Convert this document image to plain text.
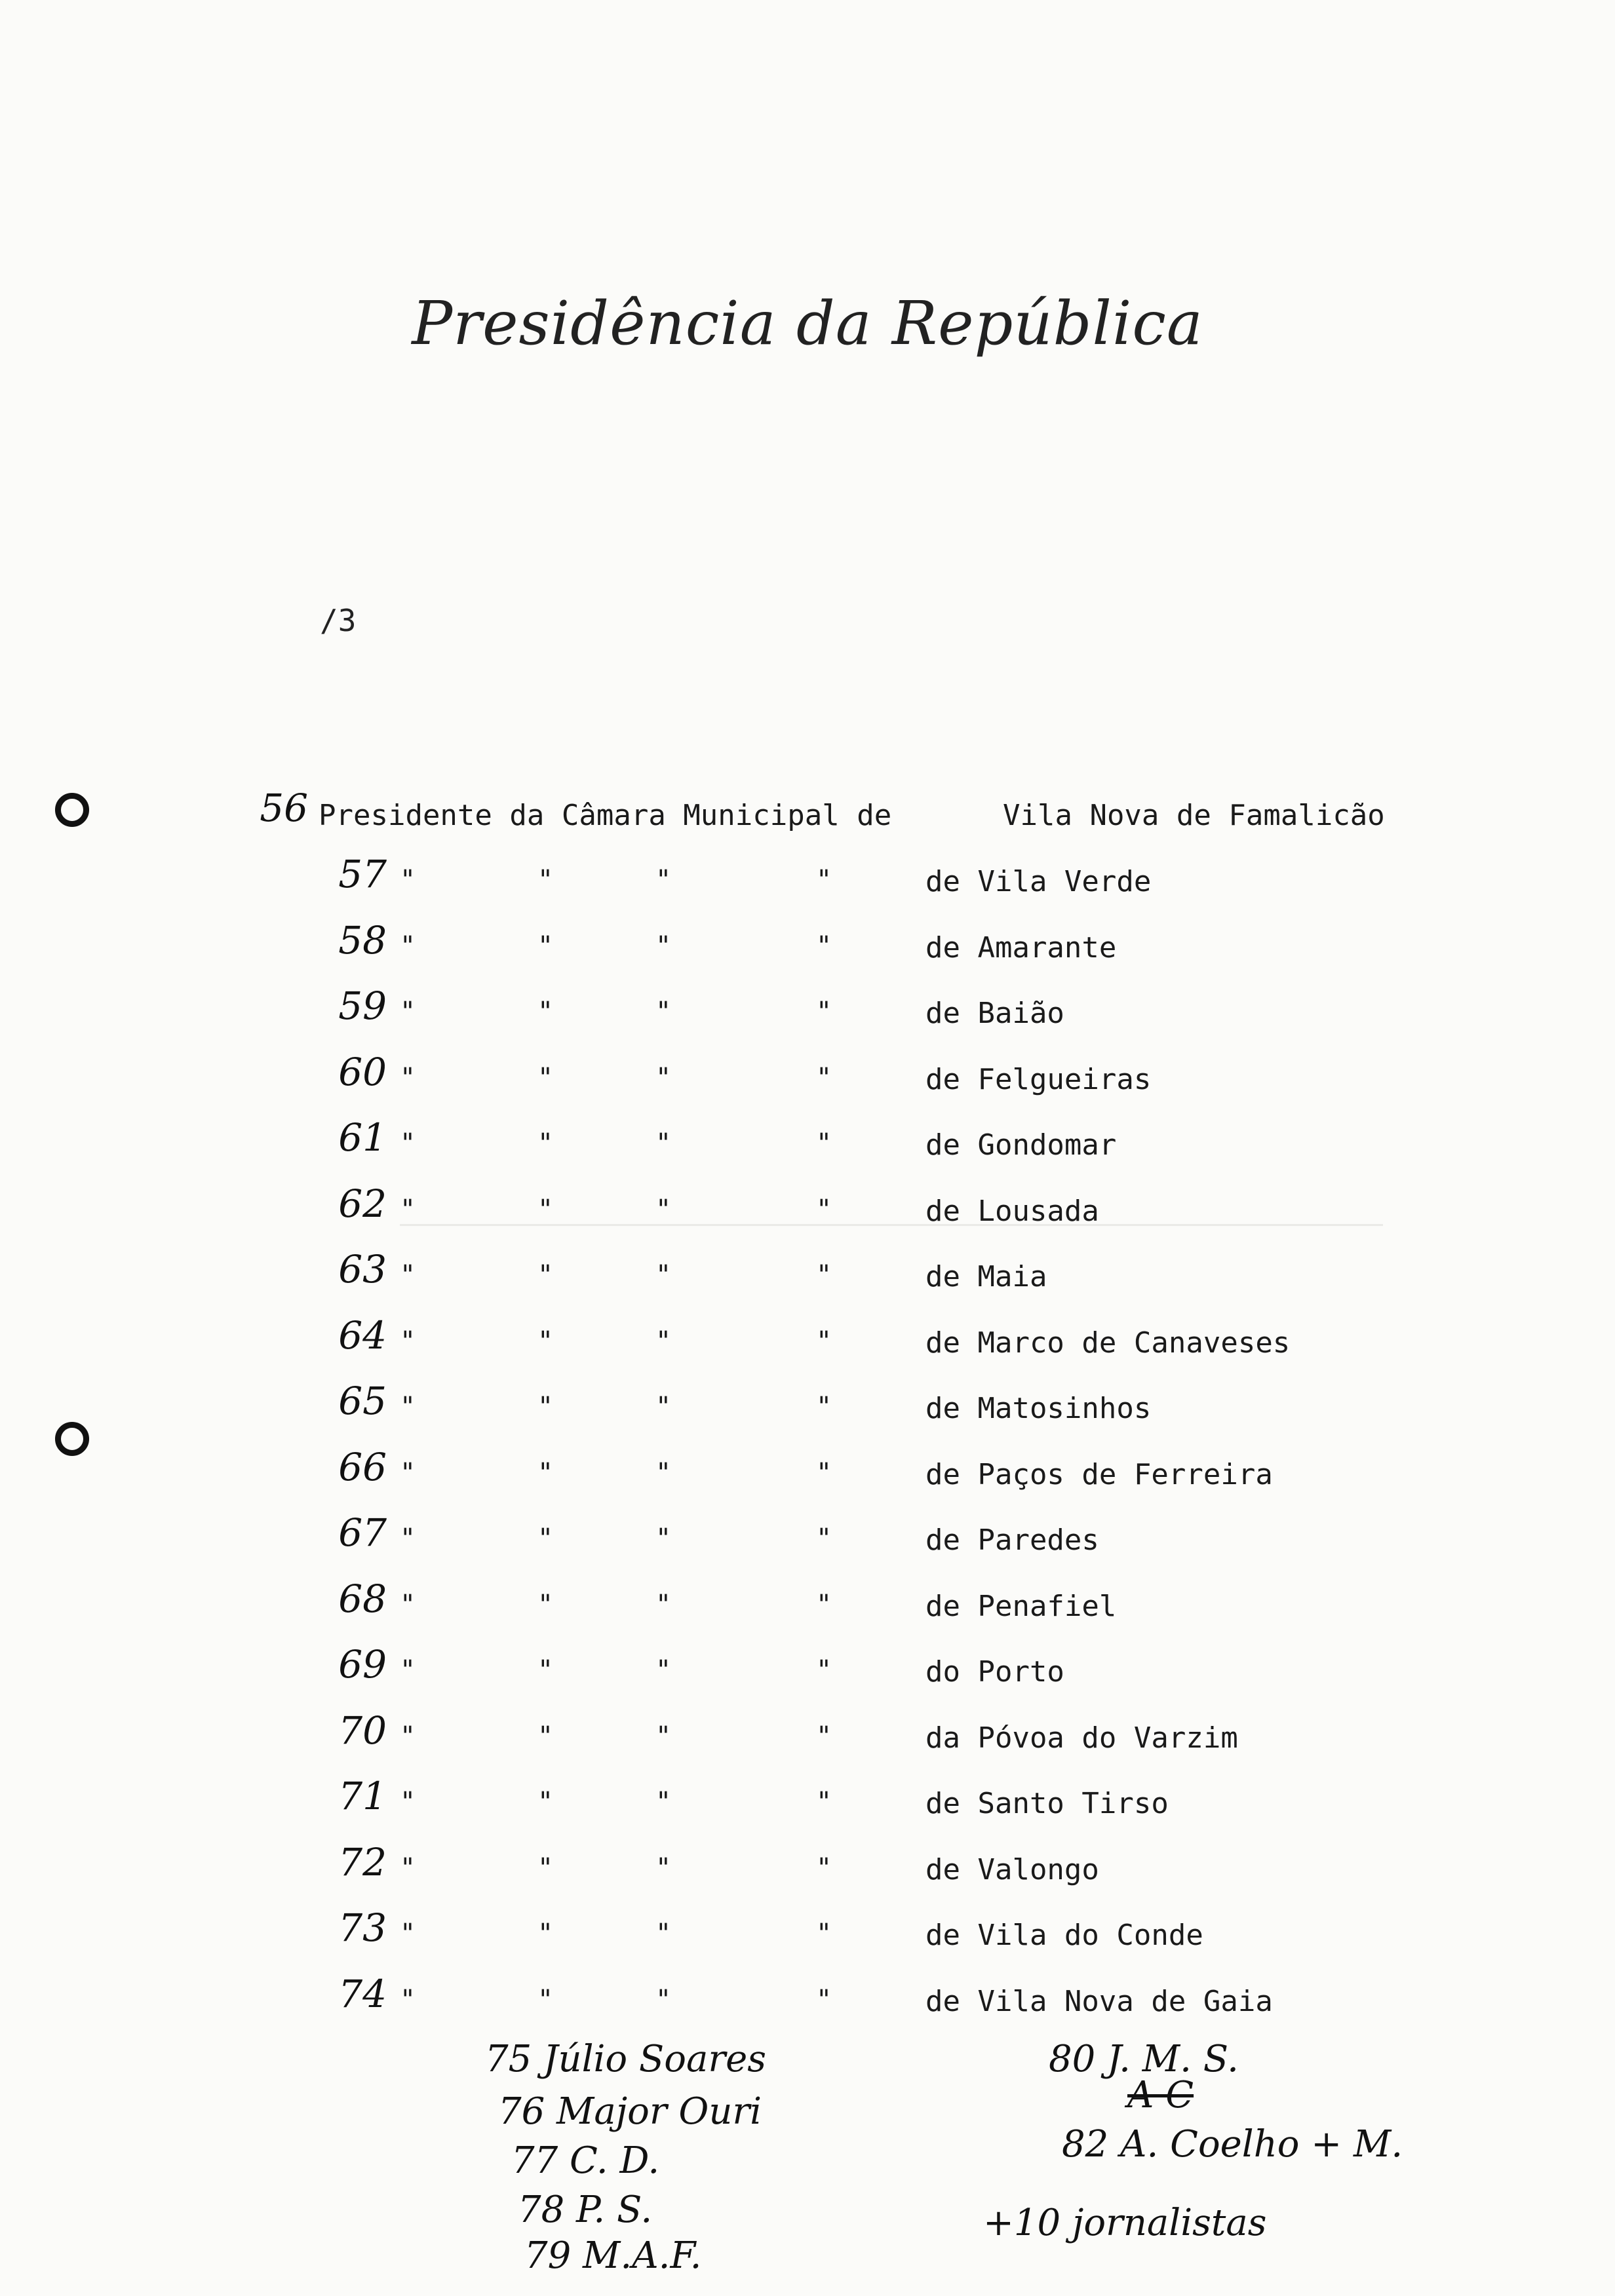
Presidência da República
/3
56 Presidente da Câmara Municipal de	Vila Nova de Famalicão
57 "	"	"	"	de Vila Verde
58 "	"	"	"	de Amarante
59 "	"	"	"	de Baião
60 "	"	"	"	de Felgueiras
61 "	"	"	"	de Gondomar
62 "	"	"	"	de Lousada
63 "	"	"	"	de Maia
64 "	"	"	"	de Marco de Canaveses
65 "	"	"	"	de Matosinhos
66 "	"	"	"	de Paços de Ferreira
67 "	"	"	"	de Paredes
68 "	"	"	"	de Penafiel
69 "	"	"	"	do Porto
70 "	"	"	"	da Póvoa do Varzim
71 "	"	"	"	de Santo Tirso
72 "	"	"	"	de Valongo
73 "	"	"	"	de Vila do Conde
74 "	"	"	"	de Vila Nova de Gaia
75 Júlio Soares
76 Major Ouri
77 C. D.
78 P. S.
79 M.A.F.
80 J. M. S.
A C
82 A. Coelho + M.
+10 jornalistas
